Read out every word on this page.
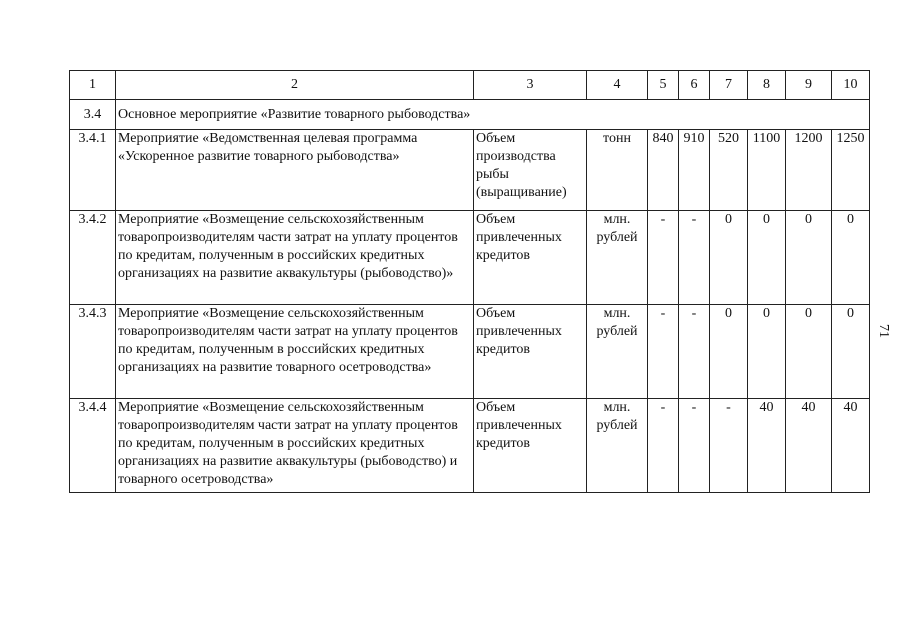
1	2	3	4	5	6	7	8	9	10
3.4	Основное мероприятие «Развитие товарного рыбоводства»								
3.4.1	Мероприятие «Ведомственная целевая программа «Ускоренное развитие товарного рыбоводства»	Объем производства рыбы (выращивание)	тонн	840	910	520	1100	1200	1250
3.4.2	Мероприятие «Возмещение сельскохозяйственным товаропроизводителям части затрат на уплату процентов по кредитам, полученным в российских кредитных организациях на развитие аквакультуры (рыбоводство)»	Объем привлеченных кредитов	млн. рублей	-	-	0	0	0	0
3.4.3	Мероприятие «Возмещение сельскохозяйственным товаропроизводителям части затрат на уплату процентов по кредитам, полученным в российских кредитных организациях на развитие товарного осетроводства»	Объем привлеченных кредитов	млн. рублей	-	-	0	0	0	0
3.4.4	Мероприятие «Возмещение сельскохозяйственным товаропроизводителям части затрат на уплату процентов по кредитам, полученным в российских кредитных организациях на развитие аквакультуры (рыбоводство) и товарного осетроводства»	Объем привлеченных кредитов	млн. рублей	-	-	-	40	40	40
71
